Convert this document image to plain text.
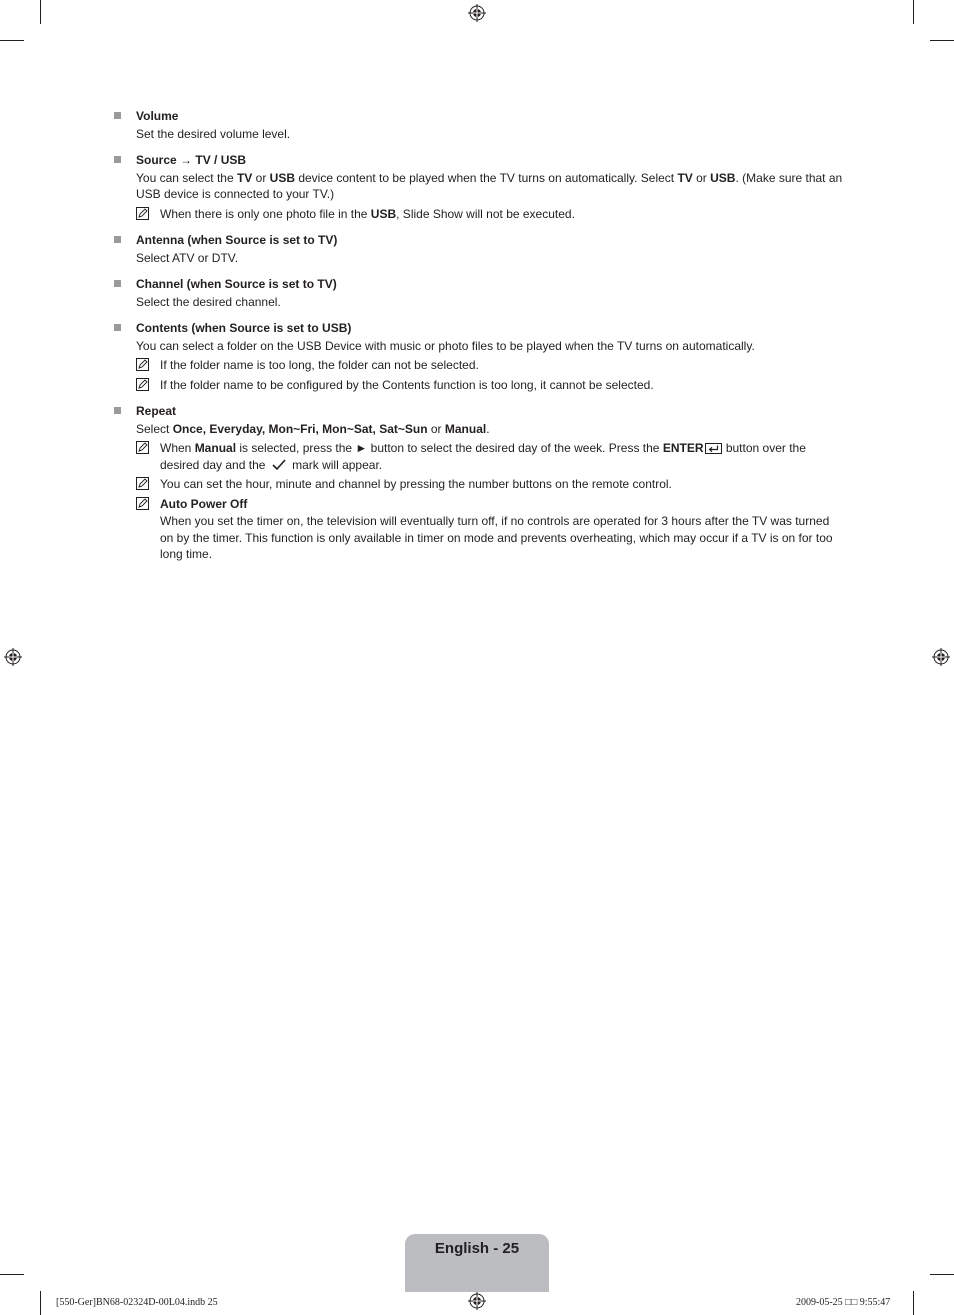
Volume
Set the desired volume level.
Source → TV / USB
You can select the TV or USB device content to be played when the TV turns on automatically. Select TV or USB. (Make sure that an USB device is connected to your TV.)
When there is only one photo file in the USB, Slide Show will not be executed.
Antenna (when Source is set to TV)
Select ATV or DTV.
Channel (when Source is set to TV)
Select the desired channel.
Contents (when Source is set to USB)
You can select a folder on the USB Device with music or photo files to be played when the TV turns on automatically.
If the folder name is too long, the folder can not be selected.
If the folder name to be configured by the Contents function is too long, it cannot be selected.
Repeat
Select Once, Everyday, Mon~Fri, Mon~Sat, Sat~Sun or Manual.
When Manual is selected, press the ► button to select the desired day of the week. Press the ENTER button over the desired day and the  mark will appear.
You can set the hour, minute and channel by pressing the number buttons on the remote control.
Auto Power Off
When you set the timer on, the television will eventually turn off, if no controls are operated for 3 hours after the TV was turned on by the timer. This function is only available in timer on mode and prevents overheating, which may occur if a TV is on for too long time.
English - 25
[550-Ger]BN68-02324D-00L04.indb 25	2009-05-25 □□ 9:55:47
